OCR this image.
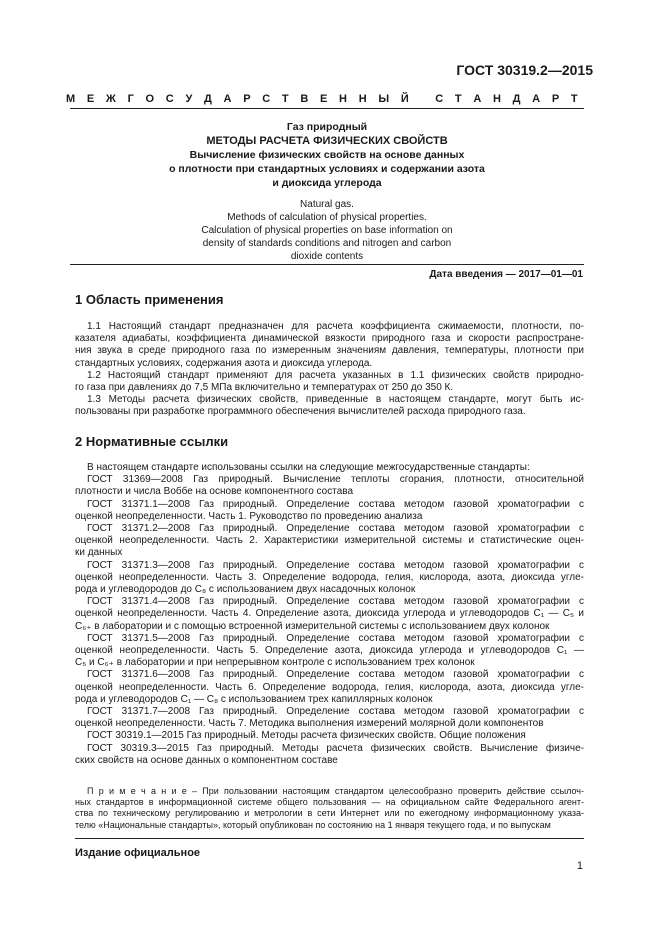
ГОСТ 30319.2—2015
М Е Ж Г О С У Д А Р С Т В Е Н Н Ы Й
С Т А Н Д А Р Т
Газ природный
МЕТОДЫ РАСЧЕТА ФИЗИЧЕСКИХ СВОЙСТВ
Вычисление физических свойств на основе данных
о плотности при стандартных условиях и содержании азота
и диоксида углерода
Natural gas.
Methods of calculation of physical properties.
Calculation of physical properties on base information on
density of standards conditions and nitrogen and carbon
dioxide contents
Дата введения — 2017—01—01
1 Область применения
1.1 Настоящий стандарт предназначен для расчета коэффициента сжимаемости, плотности, по-
казателя адиабаты, коэффициента динамической вязкости природного газа и скорости распростране-
ния звука в среде природного газа по измеренным значениям давления, температуры, плотности при
стандартных условиях, содержания азота и диоксида углерода.
1.2 Настоящий стандарт применяют для расчета указанных в 1.1 физических свойств природно-
го газа при давлениях до 7,5 МПа включительно и температурах от 250 до 350 К.
1.3 Методы расчета физических свойств, приведенные в настоящем стандарте, могут быть ис-
пользованы при разработке программного обеспечения вычислителей расхода природного газа.
2 Нормативные ссылки
В настоящем стандарте использованы ссылки на следующие межгосударственные стандарты:
ГОСТ 31369—2008 Газ природный. Вычисление теплоты сгорания, плотности, относительной
плотности и числа Воббе на основе компонентного состава
ГОСТ 31371.1—2008 Газ природный. Определение состава методом газовой хроматографии с
оценкой неопределенности. Часть 1. Руководство по проведению анализа
ГОСТ 31371.2—2008 Газ природный. Определение состава методом газовой хроматографии с
оценкой неопределенности. Часть 2. Характеристики измерительной системы и статистические оцен-
ки данных
ГОСТ 31371.3—2008 Газ природный. Определение состава методом газовой хроматографии с
оценкой неопределенности. Часть 3. Определение водорода, гелия, кислорода, азота, диоксида угле-
рода и углеводородов до C₈ с использованием двух насадочных колонок
ГОСТ 31371.4—2008 Газ природный. Определение состава методом газовой хроматографии с
оценкой неопределенности. Часть 4. Определение азота, диоксида углерода и углеводородов C₁ — C₅ и
C₆₊ в лаборатории и с помощью встроенной измерительной системы с использованием двух колонок
ГОСТ 31371.5—2008 Газ природный. Определение состава методом газовой хроматографии с
оценкой неопределенности. Часть 5. Определение азота, диоксида углерода и углеводородов C₁ —
C₅ и C₆₊ в лаборатории и при непрерывном контроле с использованием трех колонок
ГОСТ 31371.6—2008 Газ природный. Определение состава методом газовой хроматографии с
оценкой неопределенности. Часть 6. Определение водорода, гелия, кислорода, азота, диоксида угле-
рода и углеводородов C₁ — C₈ с использованием трех капиллярных колонок
ГОСТ 31371.7—2008 Газ природный. Определение состава методом газовой хроматографии с
оценкой неопределенности. Часть 7. Методика выполнения измерений молярной доли компонентов
ГОСТ 30319.1—2015 Газ природный. Методы расчета физических свойств. Общие положения
ГОСТ 30319.3—2015 Газ природный. Методы расчета физических свойств. Вычисление физиче-
ских свойств на основе данных о компонентном составе
П р и м е ч а н и е – При пользовании настоящим стандартом целесообразно проверить действие ссылоч-
ных стандартов в информационной системе общего пользования — на официальном сайте Федерального агент-
ства по техническому регулированию и метрологии в сети Интернет или по ежегодному информационному указа-
телю «Национальные стандарты», который опубликован по состоянию на 1 января текущего года, и по выпускам
Издание официальное
1
